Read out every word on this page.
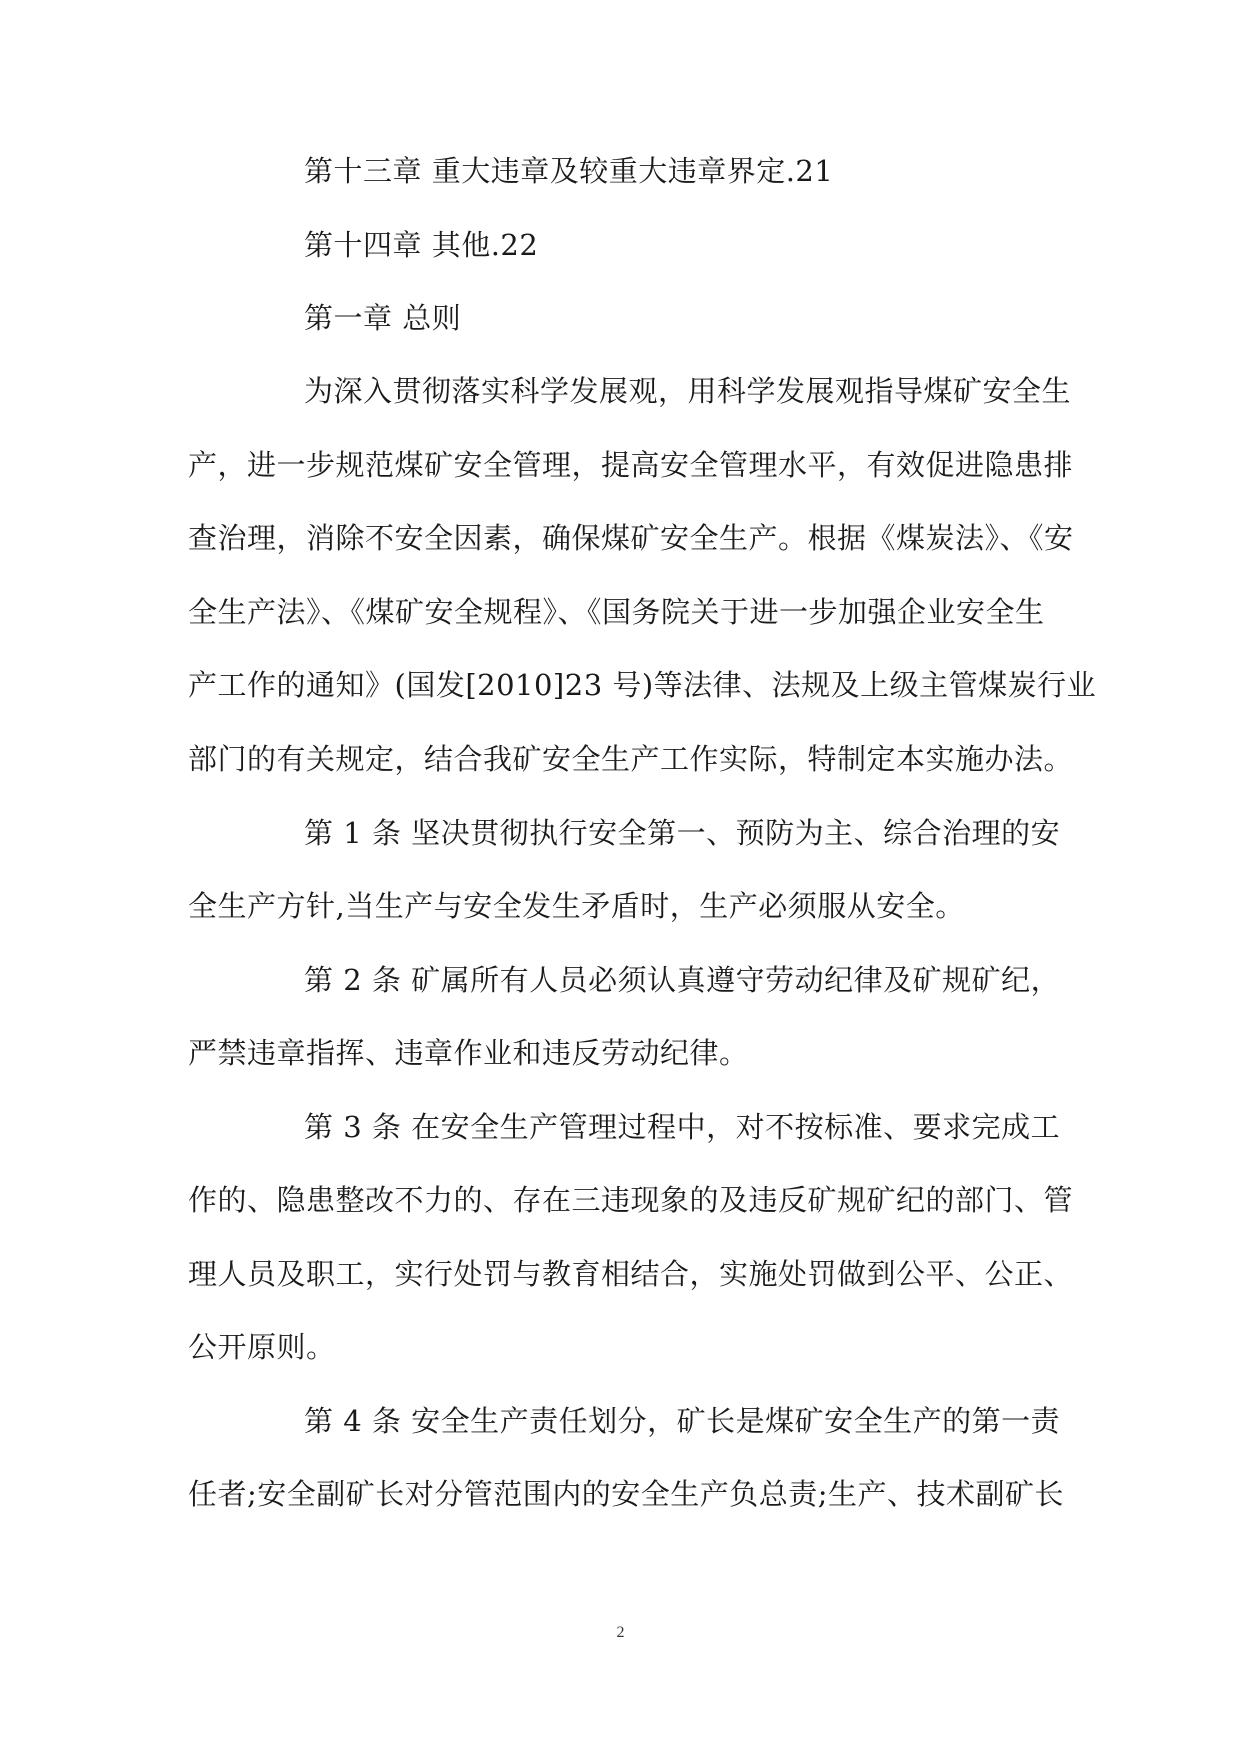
第十三章 重大违章及较重大违章界定.21
第十四章 其他.22
第一章 总则
为深入贯彻落实科学发展观，用科学发展观指导煤矿安全生
产，进一步规范煤矿安全管理，提高安全管理水平，有效促进隐患排
查治理，消除不安全因素，确保煤矿安全生产。根据《煤炭法》、《安
全生产法》、《煤矿安全规程》、《国务院关于进一步加强企业安全生
产工作的通知》(国发[2010]23 号)等法律、法规及上级主管煤炭行业
部门的有关规定，结合我矿安全生产工作实际，特制定本实施办法。
第 1 条 坚决贯彻执行安全第一、预防为主、综合治理的安
全生产方针,当生产与安全发生矛盾时，生产必须服从安全。
第 2 条 矿属所有人员必须认真遵守劳动纪律及矿规矿纪，
严禁违章指挥、违章作业和违反劳动纪律。
第 3 条 在安全生产管理过程中，对不按标准、要求完成工
作的、隐患整改不力的、存在三违现象的及违反矿规矿纪的部门、管
理人员及职工，实行处罚与教育相结合，实施处罚做到公平、公正、
公开原则。
第 4 条 安全生产责任划分，矿长是煤矿安全生产的第一责
任者;安全副矿长对分管范围内的安全生产负总责;生产、技术副矿长
2
